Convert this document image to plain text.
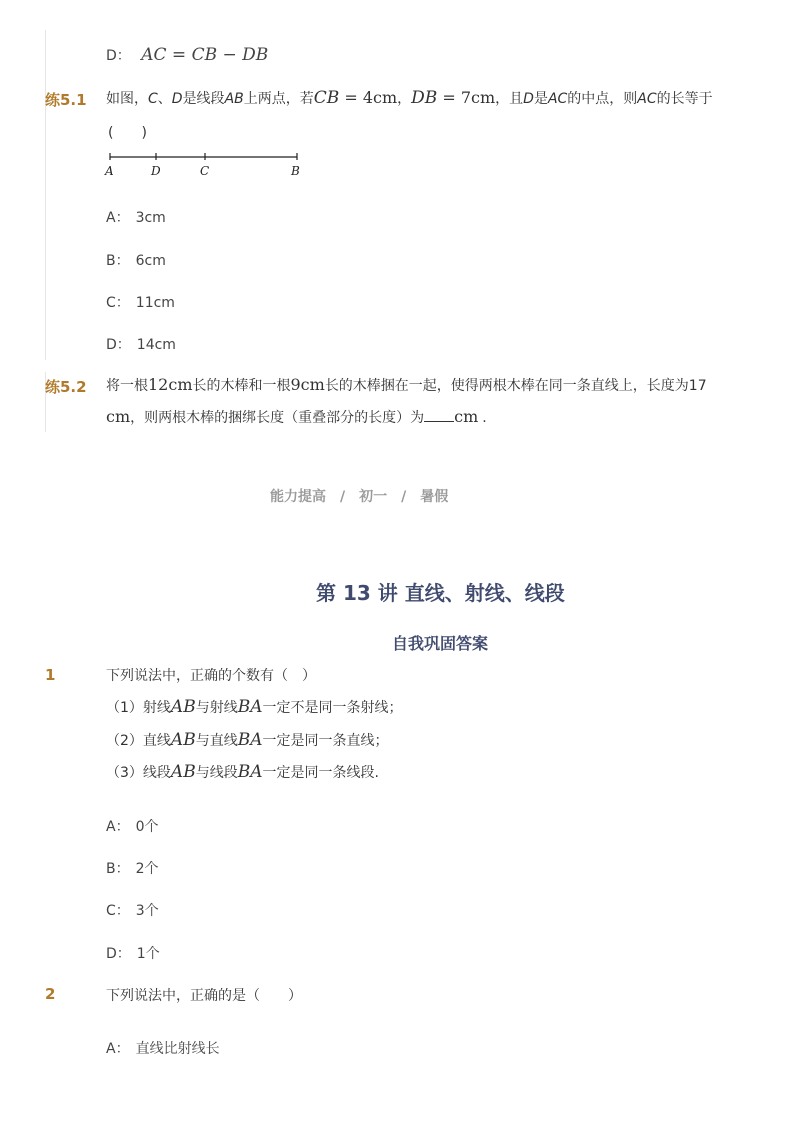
D： AC = CB − DB
练5.1 如图，C、D是线段AB上两点，若CB = 4cm，DB = 7cm，且D是AC的中点，则AC的长等于
(　　)
A	D	C	B
A： 3cm
B： 6cm
C： 11cm
D： 14cm
练5.2 将一根12cm长的木棒和一根9cm长的木棒捆在一起，使得两根木棒在同一条直线上，长度为17
cm，则两根木棒的捆绑长度（重叠部分的长度）为 cm .
能力提高　/　初一　/　暑假
第 13 讲 直线、射线、线段
自我巩固答案
1	下列说法中，正确的个数有（　）
（1）射线AB与射线BA一定不是同一条射线；
（2）直线AB与直线BA一定是同一条直线；
（3）线段AB与线段BA一定是同一条线段.
A： 0个
B： 2个
C： 3个
D： 1个
2	下列说法中，正确的是（　　）
A： 直线比射线长
